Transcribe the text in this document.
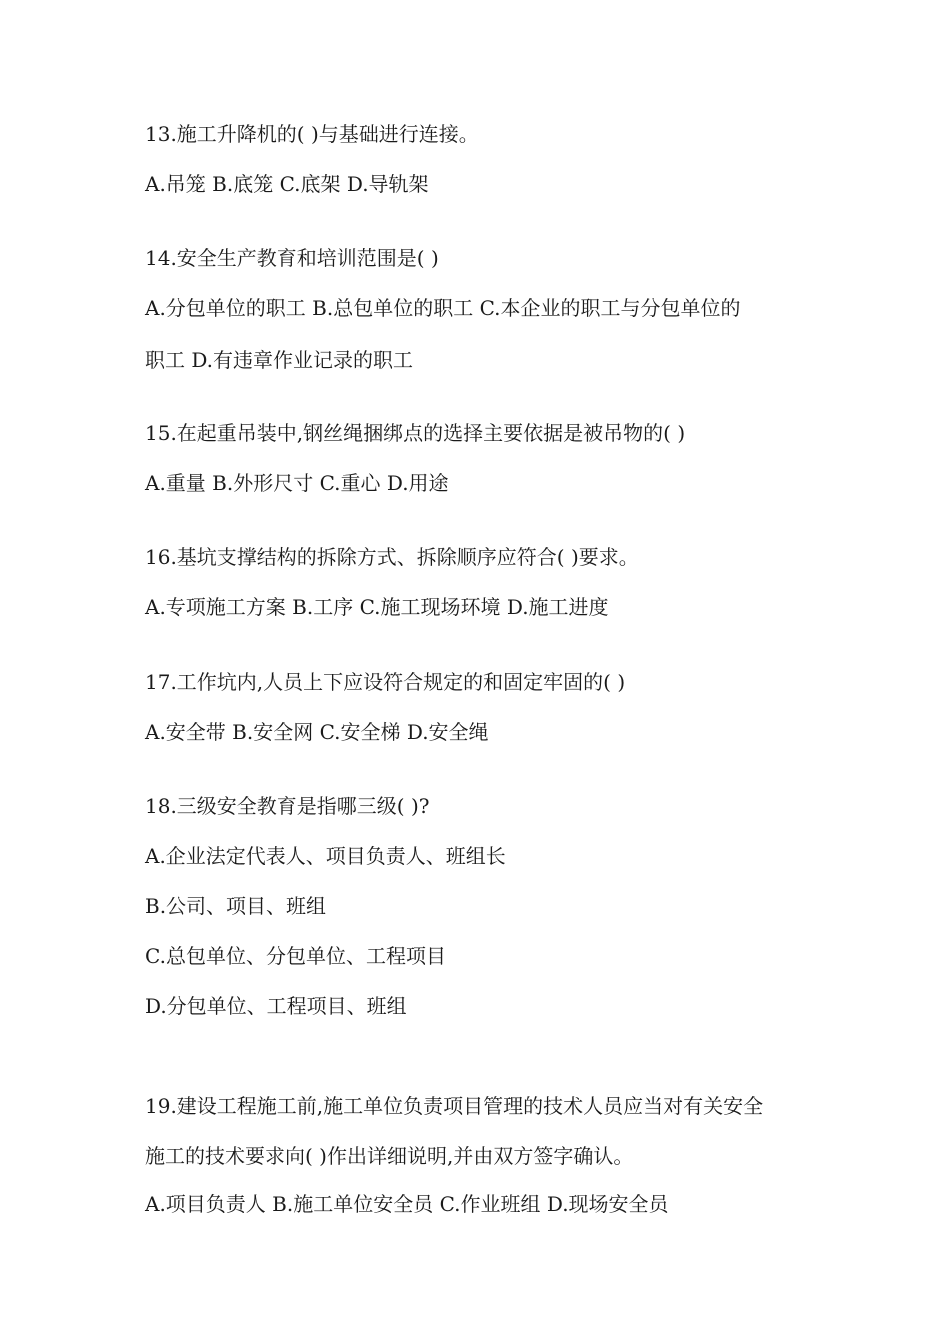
13.施工升降机的( )与基础进行连接。
A.吊笼 B.底笼 C.底架 D.导轨架
14.安全生产教育和培训范围是( )
A.分包单位的职工 B.总包单位的职工 C.本企业的职工与分包单位的
职工 D.有违章作业记录的职工
15.在起重吊装中,钢丝绳捆绑点的选择主要依据是被吊物的( )
A.重量 B.外形尺寸 C.重心 D.用途
16.基坑支撑结构的拆除方式、拆除顺序应符合( )要求。
A.专项施工方案 B.工序 C.施工现场环境 D.施工进度
17.工作坑内,人员上下应设符合规定的和固定牢固的( )
A.安全带 B.安全网 C.安全梯 D.安全绳
18.三级安全教育是指哪三级( )?
A.企业法定代表人、项目负责人、班组长
B.公司、项目、班组
C.总包单位、分包单位、工程项目
D.分包单位、工程项目、班组
19.建设工程施工前,施工单位负责项目管理的技术人员应当对有关安全
施工的技术要求向( )作出详细说明,并由双方签字确认。
A.项目负责人 B.施工单位安全员 C.作业班组 D.现场安全员
